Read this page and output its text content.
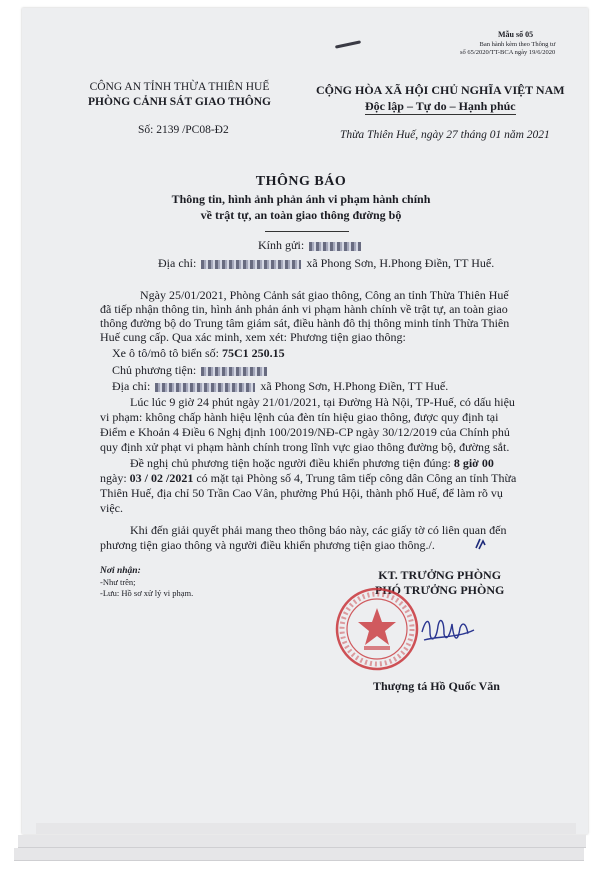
Mẫu số 05
Ban hành kèm theo Thông tư
số 65/2020/TT-BCA ngày 19/6/2020
CÔNG AN TỈNH THỪA THIÊN HUẾ
PHÒNG CẢNH SÁT GIAO THÔNG
CỘNG HÒA XÃ HỘI CHỦ NGHĨA VIỆT NAM
Độc lập – Tự do – Hạnh phúc
Số: 2139 /PC08-Đ2	Thừa Thiên Huế, ngày 27 tháng 01 năm 2021
THÔNG BÁO
Thông tin, hình ảnh phản ánh vi phạm hành chính
về trật tự, an toàn giao thông đường bộ
Kính gửi:
Địa chỉ:	xã Phong Sơn, H.Phong Điền, TT Huế.
Ngày 25/01/2021, Phòng Cảnh sát giao thông, Công an tỉnh Thừa Thiên Huế
đã tiếp nhận thông tin, hình ảnh phản ánh vi phạm hành chính về trật tự, an toàn giao
thông đường bộ do Trung tâm giám sát, điều hành đô thị thông minh tỉnh Thừa Thiên
Huế cung cấp. Qua xác minh, xem xét: Phương tiện giao thông:
Xe ô tô/mô tô biển số: 75C1 250.15
Chủ phương tiện:
Địa chỉ:	xã Phong Sơn, H.Phong Điền, TT Huế.
Lúc lúc 9 giờ 24 phút ngày 21/01/2021, tại Đường Hà Nội, TP-Huế, có dấu hiệu
vi phạm: không chấp hành hiệu lệnh của đèn tín hiệu giao thông, được quy định tại
Điểm e Khoản 4 Điều 6 Nghị định 100/2019/NĐ-CP ngày 30/12/2019 của Chính phủ
quy định xử phạt vi phạm hành chính trong lĩnh vực giao thông đường bộ, đường sắt.
Đề nghị chủ phương tiện hoặc người điều khiển phương tiện đúng: 8 giờ 00
ngày: 03 / 02 /2021 có mặt tại Phòng số 4, Trung tâm tiếp công dân Công an tỉnh Thừa
Thiên Huế, địa chỉ 50 Trần Cao Vân, phường Phú Hội, thành phố Huế, để làm rõ vụ
việc.
Khi đến giải quyết phải mang theo thông báo này, các giấy tờ có liên quan đến
phương tiện giao thông và người điều khiển phương tiện giao thông./.
Nơi nhận:
-Như trên;
-Lưu: Hồ sơ xử lý vi phạm.
KT. TRƯỞNG PHÒNG
PHÓ TRƯỞNG PHÒNG
Thượng tá Hồ Quốc Văn
